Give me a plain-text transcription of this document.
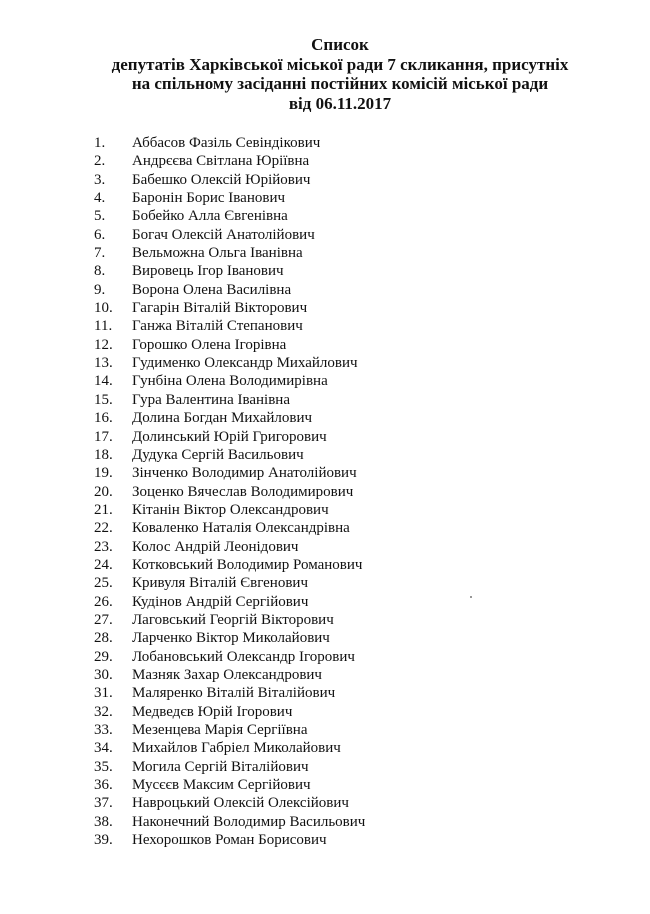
Список
депутатів Харківської міської ради 7 скликання, присутніх
на спільному засіданні постійних комісій міської ради
від 06.11.2017
1.	Аббасов Фазіль Севіндікович
2.	Андрєєва Світлана Юріївна
3.	Бабешко Олексій Юрійович
4.	Баронін Борис Іванович
5.	Бобейко Алла Євгенівна
6.	Богач Олексій Анатолійович
7.	Вельможна Ольга Іванівна
8.	Вировець Ігор Іванович
9.	Ворона Олена Василівна
10.	Гагарін Віталій Вікторович
11.	Ганжа Віталій Степанович
12.	Горошко Олена Ігорівна
13.	Гудименко Олександр Михайлович
14.	Гунбіна Олена Володимирівна
15.	Гура Валентина Іванівна
16.	Долина Богдан Михайлович
17.	Долинський Юрій Григорович
18.	Дудука Сергій Васильович
19.	Зінченко Володимир Анатолійович
20.	Зоценко Вячеслав Володимирович
21.	Кітанін Віктор Олександрович
22.	Коваленко Наталія Олександрівна
23.	Колос Андрій Леонідович
24.	Котковський Володимир Романович
25.	Кривуля Віталій Євгенович
26.	Кудінов Андрій Сергійович
27.	Лаговський Георгій Вікторович
28.	Ларченко Віктор Миколайович
29.	Лобановський Олександр Ігорович
30.	Мазняк Захар Олександрович
31.	Маляренко Віталій Віталійович
32.	Медведєв Юрій Ігорович
33.	Мезенцева Марія Сергіївна
34.	Михайлов Габріел Миколайович
35.	Могила Сергій Віталійович
36.	Мусєєв Максим Сергійович
37.	Навроцький Олексій Олексійович
38.	Наконечний Володимир Васильович
39.	Нехорошков Роман Борисович
